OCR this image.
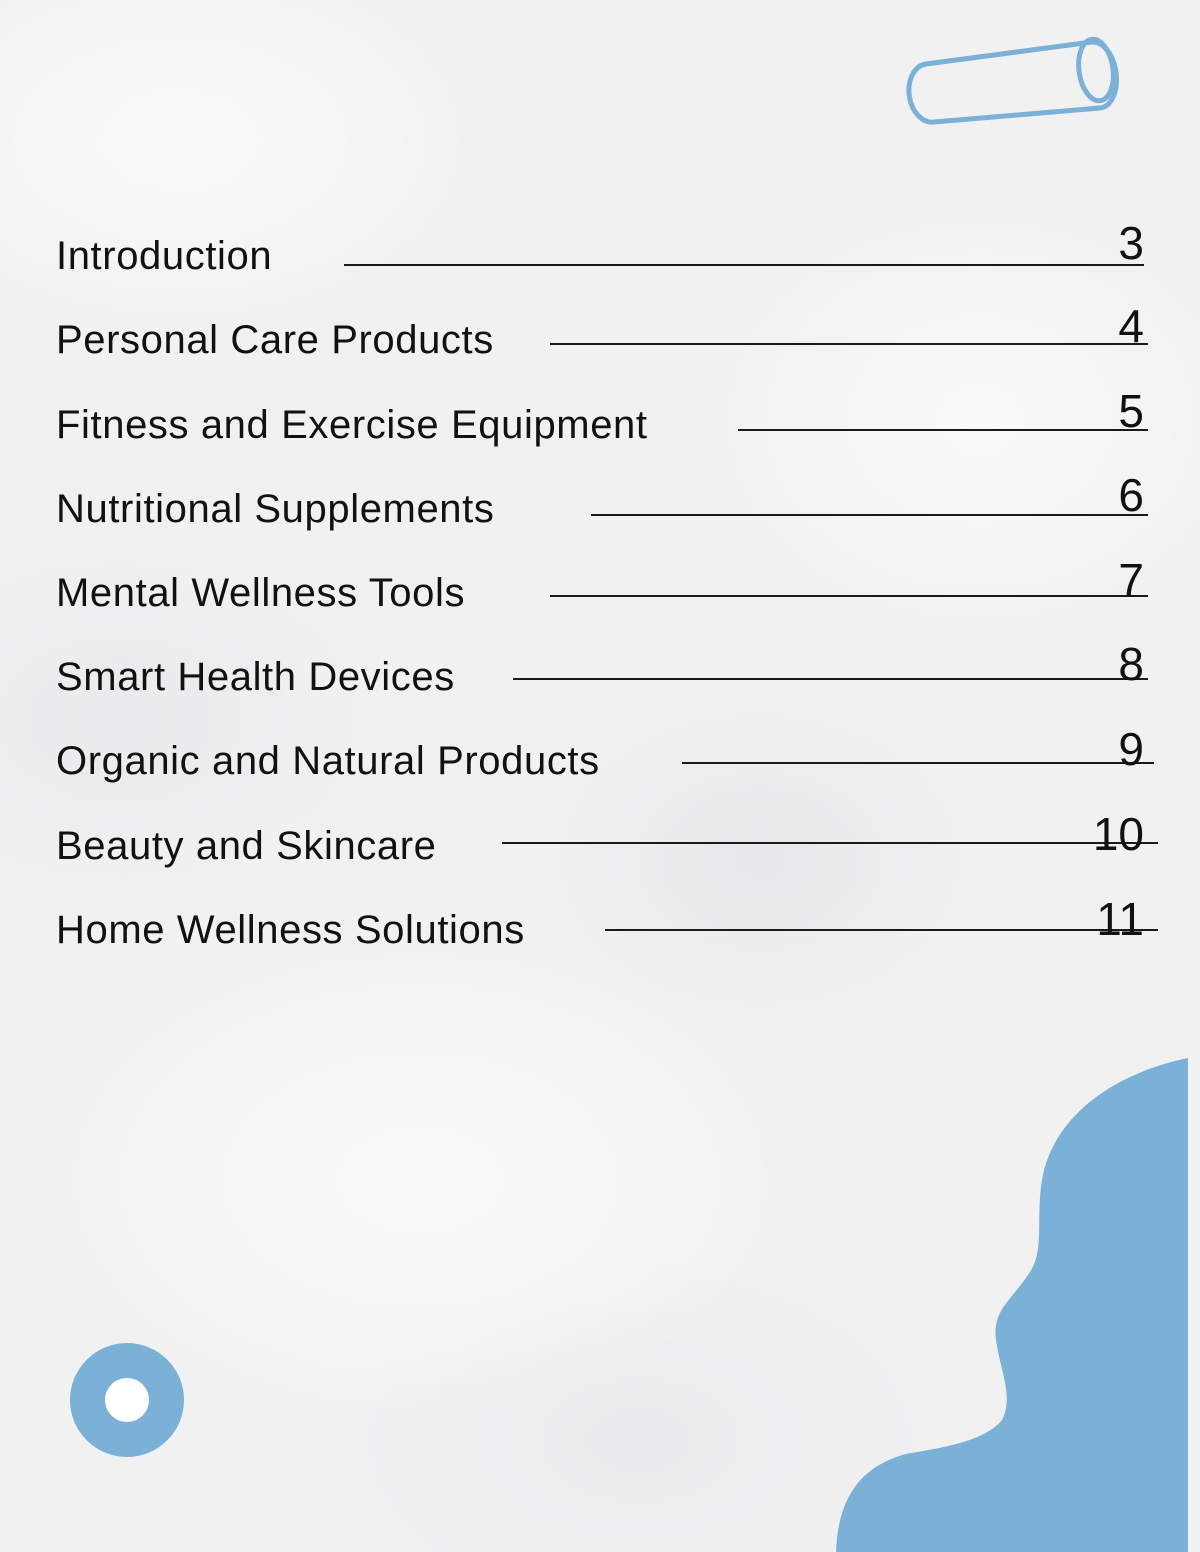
Introduction	3
Personal Care Products	4
Fitness and Exercise Equipment	5
Nutritional Supplements	6
Mental Wellness Tools	7
Smart Health Devices	8
Organic and Natural Products	9
Beauty and Skincare	10
Home Wellness Solutions	11
